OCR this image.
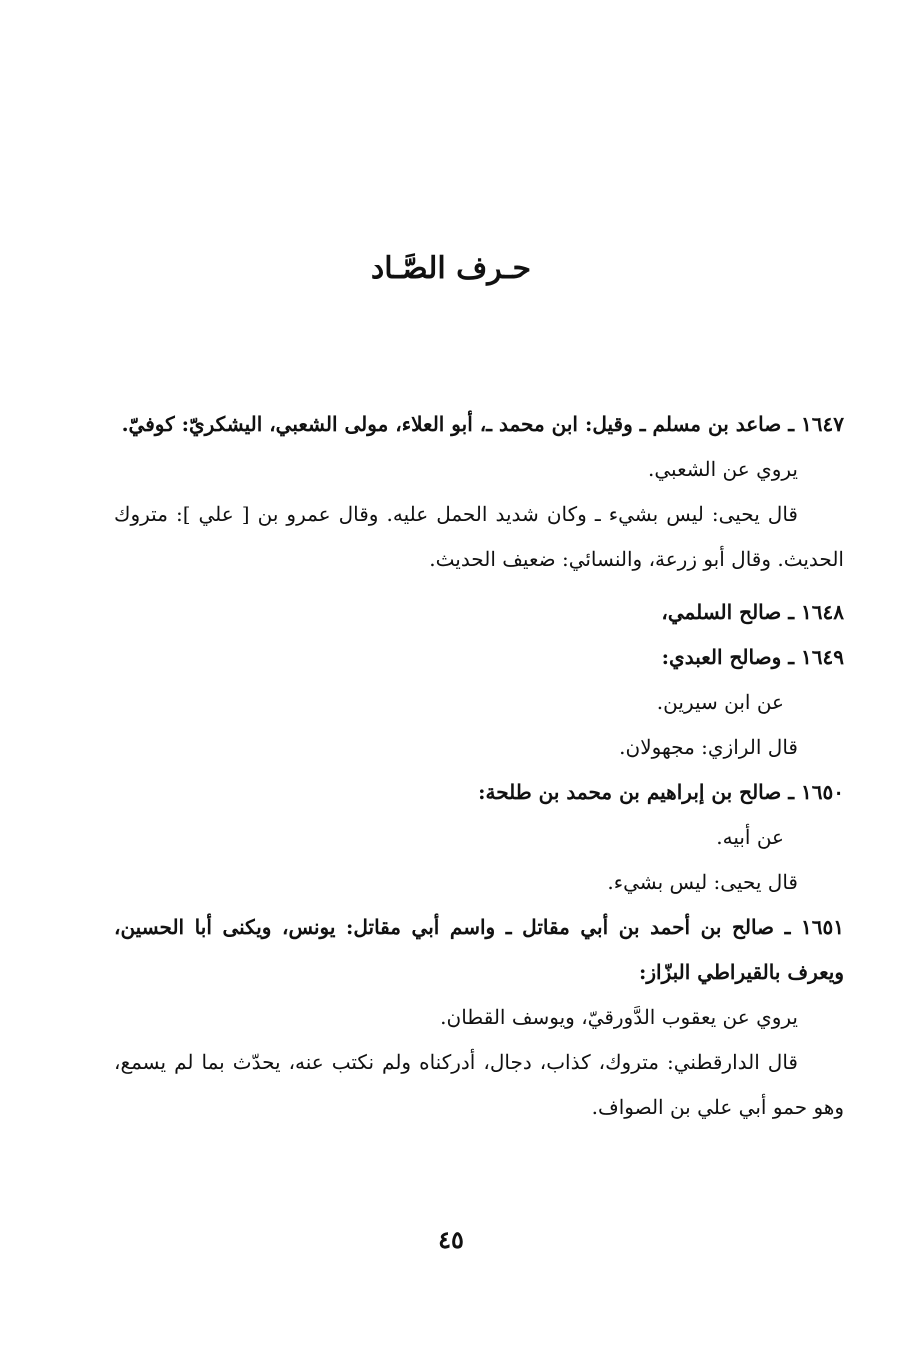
حـرف الصَّـاد

١٦٤٧ ـ صاعد بن مسلم ـ وقيل: ابن محمد ـ، أبو العلاء، مولى الشعبي، اليشكريّ: كوفيّ.

يروي عن الشعبي.

قال يحيى: ليس بشيء ـ وكان شديد الحمل عليه. وقال عمرو بن [ علي ]: متروك الحديث. وقال أبو زرعة، والنسائي: ضعيف الحديث.

١٦٤٨ ـ صالح السلمي،

١٦٤٩ ـ وصالح العبدي:

عن ابن سيرين.

قال الرازي: مجهولان.

١٦٥٠ ـ صالح بن إبراهيم بن محمد بن طلحة:

عن أبيه.

قال يحيى: ليس بشيء.

١٦٥١ ـ صالح بن أحمد بن أبي مقاتل ـ واسم أبي مقاتل: يونس، ويكنى أبا الحسين، ويعرف بالقيراطي البزّاز:

يروي عن يعقوب الدَّورقيّ، ويوسف القطان.

قال الدارقطني: متروك، كذاب، دجال، أدركناه ولم نكتب عنه، يحدّث بما لم يسمع، وهو حمو أبي علي بن الصواف.

٤٥
